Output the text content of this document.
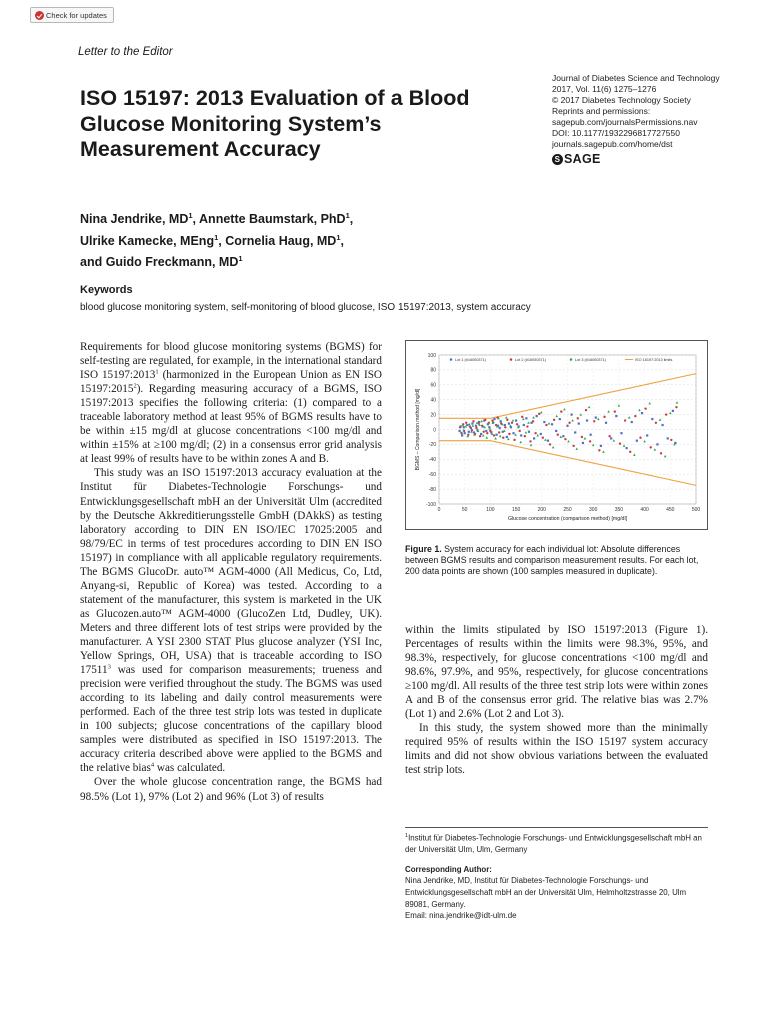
Check for updates
Letter to the Editor
ISO 15197: 2013 Evaluation of a Blood Glucose Monitoring System’s Measurement Accuracy
Journal of Diabetes Science and Technology
2017, Vol. 11(6) 1275–1276
© 2017 Diabetes Technology Society
Reprints and permissions:
sagepub.com/journalsPermissions.nav
DOI: 10.1177/1932296817727550
journals.sagepub.com/home/dst
S SAGE
Nina Jendrike, $MD^1$, Annette Baumstark, PhD$^1$,
Ulrike Kamecke, MEng$^1$, Cornelia Haug, $MD^1$,
and Guido Freckmann, $MD^1$
Keywords
blood glucose monitoring system, self-monitoring of blood glucose, ISO 15197:2013, system accuracy

Requirements for blood glucose monitoring systems (BGMS) for self-testing are regulated, for example, in the international standard ISO 15197:2013$^1$ (harmonized in the European Union as EN ISO 15197:2015$^2$). Regarding measuring accuracy of a BGMS, ISO 15197:2013 specifies the following criteria: (1) compared to a traceable laboratory method at least 95% of BGMS results have to be within ±15 mg/dl at glucose concentrations <100 mg/dl and within ±15% at ≥100 mg/dl; (2) in a consensus error grid analysis at least 99% of results have to be within zones A and B.

This study was an ISO 15197:2013 accuracy evaluation at the Institut für Diabetes-Technologie Forschungs- und Entwicklungsgesellschaft mbH an der Universität Ulm (accredited by the Deutsche Akkreditierungsstelle GmbH (DAkkS) as testing laboratory according to DIN EN ISO/IEC 17025:2005 and 98/79/EC in terms of test procedures according to DIN EN ISO 15197) in compliance with all applicable regulatory requirements. The BGMS GlucoDr. auto™ AGM-4000 (All Medicus, Co, Ltd, Anyang-si, Republic of Korea) was tested. According to a statement of the manufacturer, this system is marketed in the UK as Glucozen.auto™ AGM-4000 (GlucoZen Ltd, Dudley, UK). Meters and three different lots of test strips were provided by the manufacturer. A YSI 2300 STAT Plus glucose analyzer (YSI Inc, Yellow Springs, OH, USA) that is traceable according to ISO 17511$^3$ was used for comparison measurements; trueness and precision were verified throughout the study. The BGMS was used according to its labeling and daily control measurements were performed. Each of the three test strip lots was tested in duplicate in 100 subjects; glucose concentrations of the capillary blood samples were distributed as specified in ISO 15197:2013. The accuracy criteria described above were applied to the BGMS and the relative bias$^4$ was calculated.

Over the whole glucose concentration range, the BGMS had 98.5% (Lot 1), 97% (Lot 2) and 96% (Lot 3) of results

-100
-80
-60
-40
-20
0
20
40
60
80
100
0	50	100	150	200	250	300	350	400	450	500
Glucose concentration (comparison method) [mg/dl]
BGMS – Comparison method [mg/dl]
Lot 1 (#16050371)	Lot 2 (#16050371)	Lot 3 (#16050371)	ISO 15197:2013 limits
Figure 1. System accuracy for each individual lot: Absolute differences between BGMS results and comparison measurement results. For each lot, 200 data points are shown (100 samples measured in duplicate).

within the limits stipulated by ISO 15197:2013 (Figure 1). Percentages of results within the limits were 98.3%, 95%, and 98.3%, respectively, for glucose concentrations <100 mg/dl and 98.6%, 97.9%, and 95%, respectively, for glucose concentrations ≥100 mg/dl. All results of the three test strip lots were within zones A and B of the consensus error grid. The relative bias was 2.7% (Lot 1) and 2.6% (Lot 2 and Lot 3).

In this study, the system showed more than the minimally required 95% of results within the ISO 15197 system accuracy limits and did not show obvious variations between the evaluated test strip lots.

$^1$Institut für Diabetes-Technologie Forschungs- und Entwicklungsgesellschaft mbH an der Universität Ulm, Ulm, Germany
Corresponding Author:
Nina Jendrike, MD, Institut für Diabetes-Technologie Forschungs- und Entwicklungsgesellschaft mbH an der Universität Ulm, Helmholtzstrasse 20, Ulm 89081, Germany.
Email: nina.jendrike@idt-ulm.de
